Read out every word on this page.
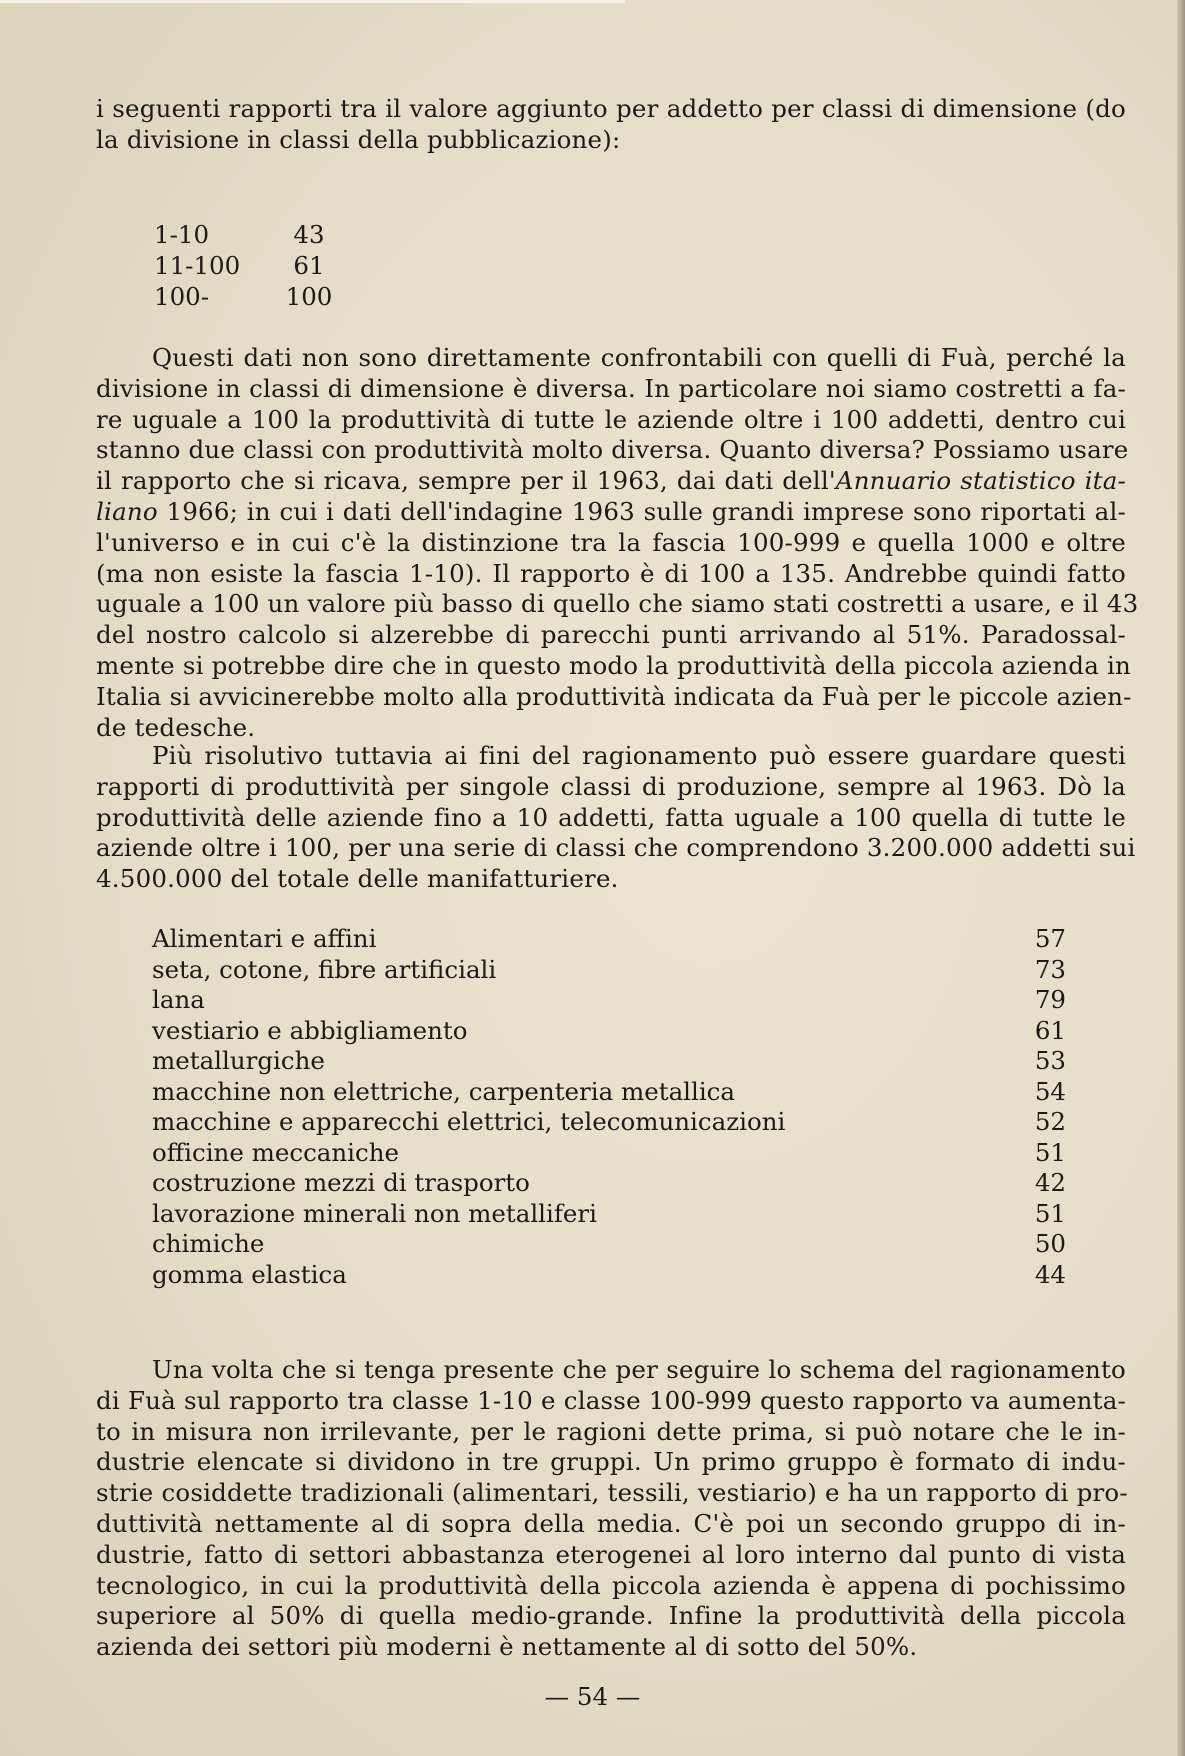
i seguenti rapporti tra il valore aggiunto per addetto per classi di dimensione (do
la divisione in classi della pubblicazione):
1-10	43
11-100 61
100-	100
Questi dati non sono direttamente confrontabili con quelli di Fuà, perché la
divisione in classi di dimensione è diversa. In particolare noi siamo costretti a fa-
re uguale a 100 la produttività di tutte le aziende oltre i 100 addetti, dentro cui
stanno due classi con produttività molto diversa. Quanto diversa? Possiamo usare
il rapporto che si ricava, sempre per il 1963, dai dati dell'Annuario statistico ita-
liano 1966; in cui i dati dell'indagine 1963 sulle grandi imprese sono riportati al-
l'universo e in cui c'è la distinzione tra la fascia 100-999 e quella 1000 e oltre
(ma non esiste la fascia 1-10). Il rapporto è di 100 a 135. Andrebbe quindi fatto
uguale a 100 un valore più basso di quello che siamo stati costretti a usare, e il 43
del nostro calcolo si alzerebbe di parecchi punti arrivando al 51%. Paradossal-
mente si potrebbe dire che in questo modo la produttività della piccola azienda in
Italia si avvicinerebbe molto alla produttività indicata da Fuà per le piccole azien-
de tedesche.
Più risolutivo tuttavia ai fini del ragionamento può essere guardare questi
rapporti di produttività per singole classi di produzione, sempre al 1963. Dò la
produttività delle aziende fino a 10 addetti, fatta uguale a 100 quella di tutte le
aziende oltre i 100, per una serie di classi che comprendono 3.200.000 addetti sui
4.500.000 del totale delle manifatturiere.
Alimentari e affini	57
seta, cotone, fibre artificiali	73
lana	79
vestiario e abbigliamento	61
metallurgiche	53
macchine non elettriche, carpenteria metallica	54
macchine e apparecchi elettrici, telecomunicazioni	52
officine meccaniche	51
costruzione mezzi di trasporto	42
lavorazione minerali non metalliferi	51
chimiche	50
gomma elastica	44
Una volta che si tenga presente che per seguire lo schema del ragionamento
di Fuà sul rapporto tra classe 1-10 e classe 100-999 questo rapporto va aumenta-
to in misura non irrilevante, per le ragioni dette prima, si può notare che le in-
dustrie elencate si dividono in tre gruppi. Un primo gruppo è formato di indu-
strie cosiddette tradizionali (alimentari, tessili, vestiario) e ha un rapporto di pro-
duttività nettamente al di sopra della media. C'è poi un secondo gruppo di in-
dustrie, fatto di settori abbastanza eterogenei al loro interno dal punto di vista
tecnologico, in cui la produttività della piccola azienda è appena di pochissimo
superiore al 50% di quella medio-grande. Infine la produttività della piccola
azienda dei settori più moderni è nettamente al di sotto del 50%.
— 54 —
